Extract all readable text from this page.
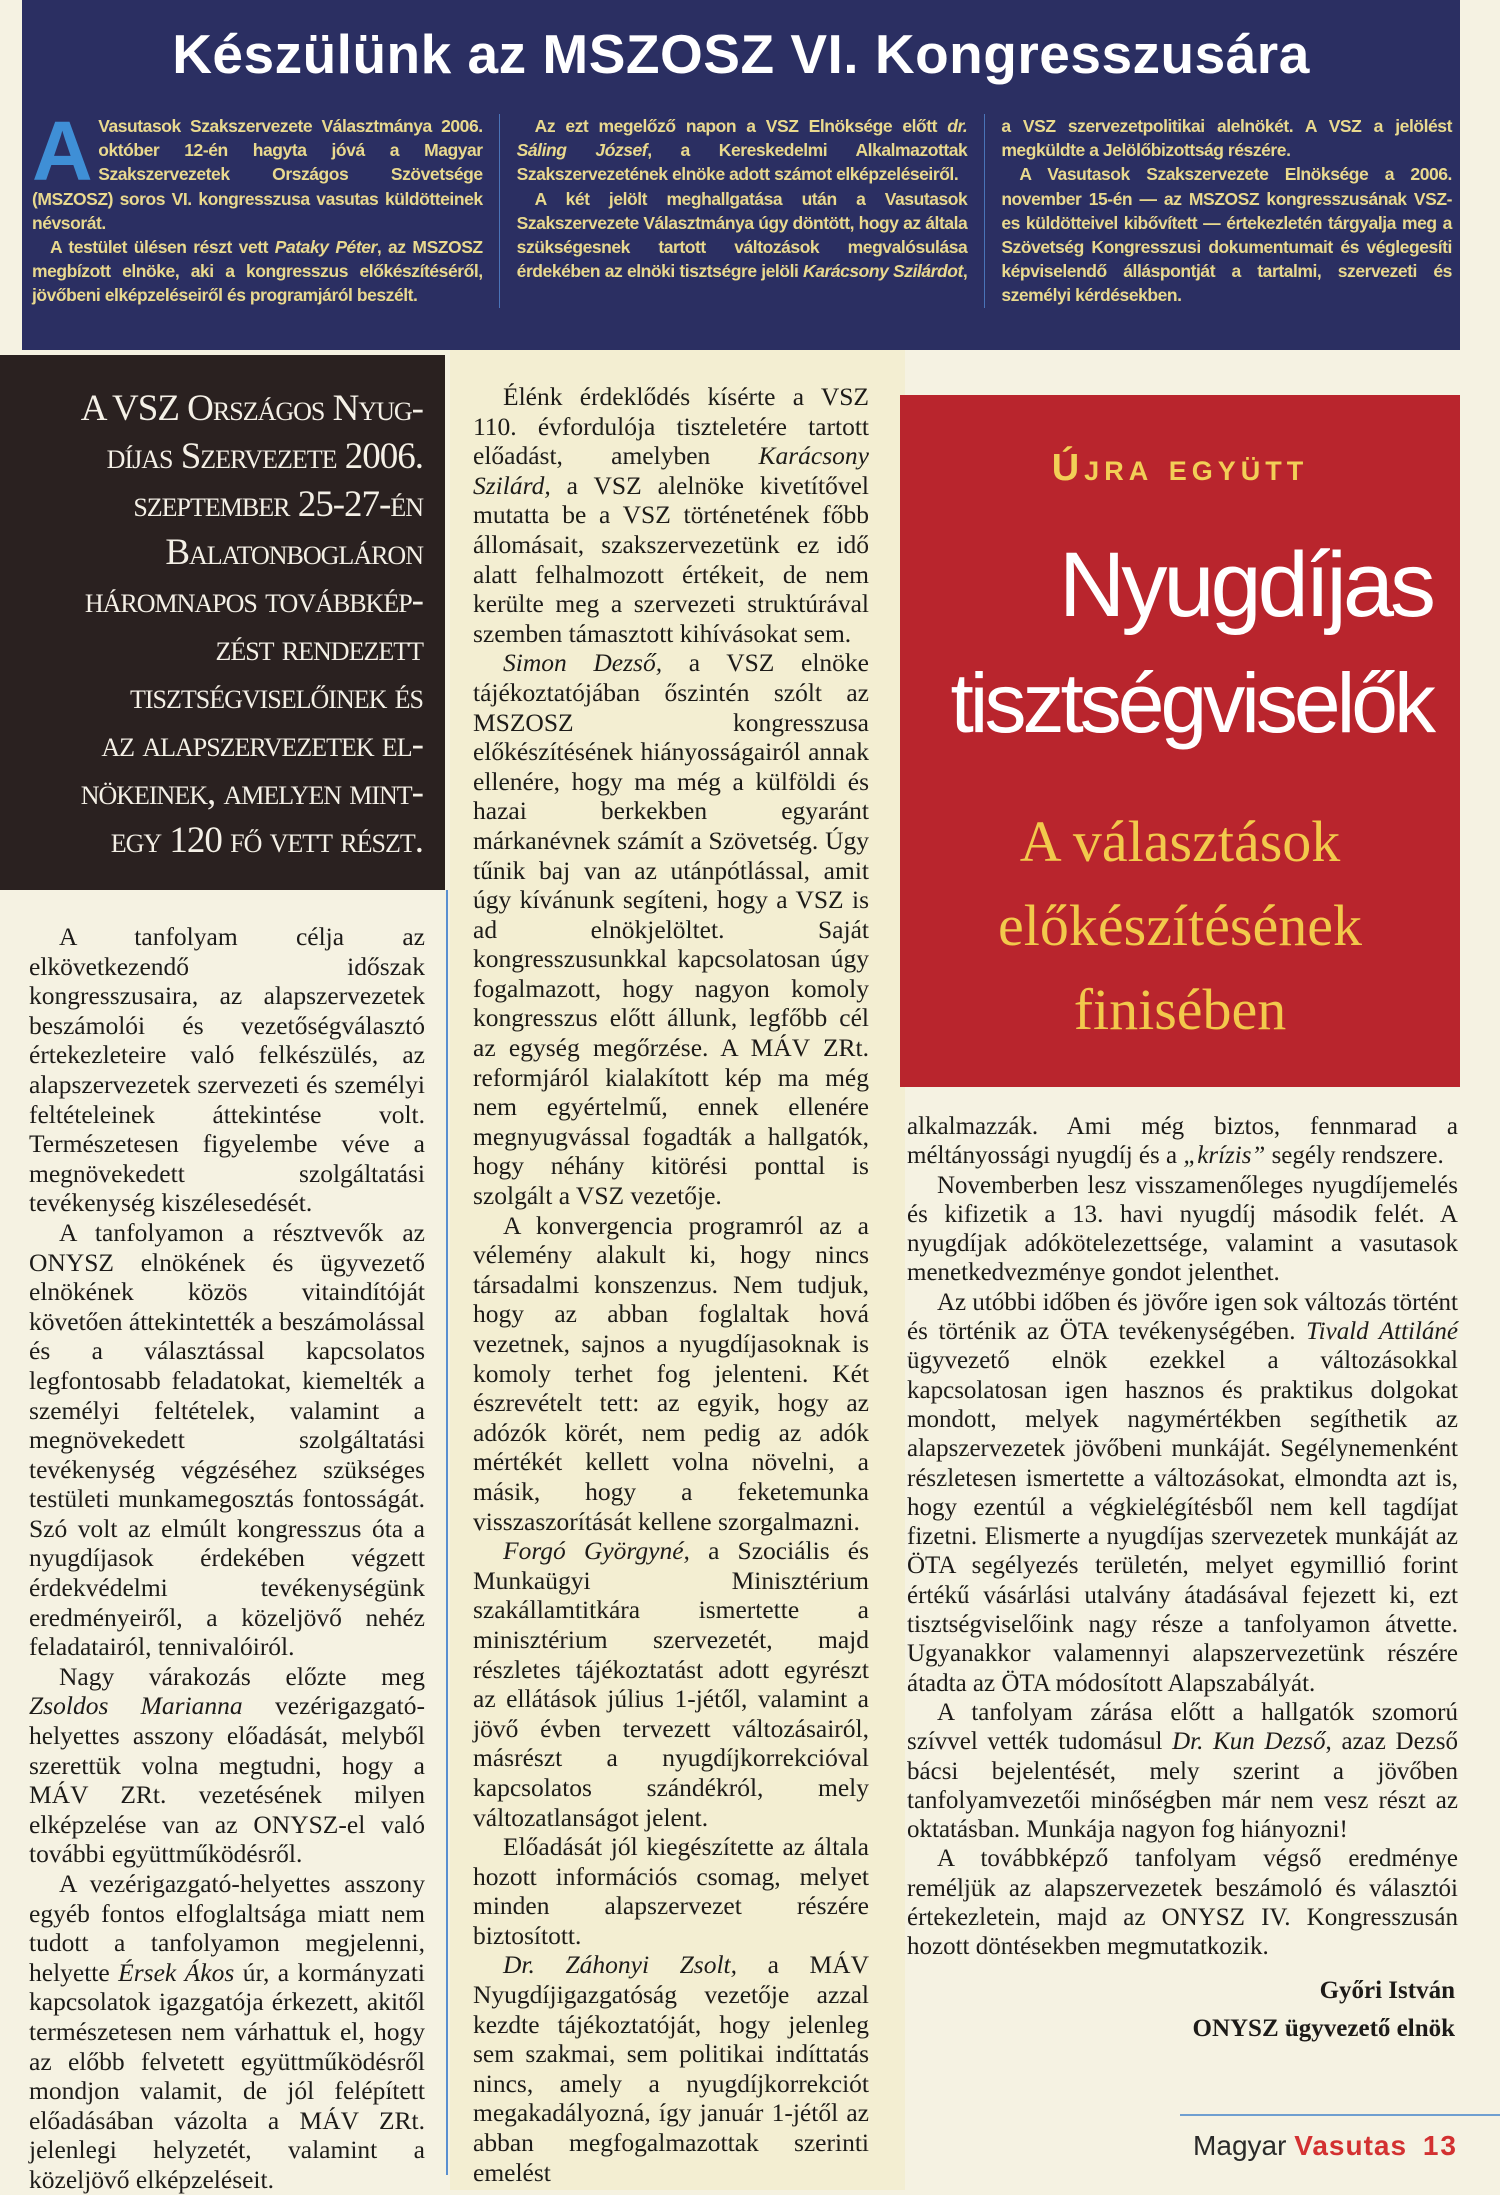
Készülünk az MSZOSZ VI. Kongresszusára

A Vasutasok Szakszervezete Választmánya 2006. október 12-én hagyta jóvá a Magyar Szakszervezetek Országos Szövetsége (MSZOSZ) soros VI. kongresszusa vasutas küldötteinek névsorát.

A testület ülésen részt vett Pataky Péter, az MSZOSZ megbízott elnöke, aki a kongresszus előkészítéséről, jövőbeni elképzeléseiről és programjáról beszélt.

Az ezt megelőző napon a VSZ Elnöksége előtt dr. Sáling József, a Kereskedelmi Alkalmazottak Szakszervezetének elnöke adott számot elképzeléseiről.

A két jelölt meghallgatása után a Vasutasok Szakszervezete Választmánya úgy döntött, hogy az általa szükségesnek tartott változások megvalósulása érdekében az elnöki tisztségre jelöli Karácsony Szilárdot, a VSZ szervezetpolitikai alelnökét. A VSZ a jelölést megküldte a Jelölőbizottság részére.

A Vasutasok Szakszervezete Elnöksége a 2006. november 15-én — az MSZOSZ kongresszusának VSZ-es küldötteivel kibővített — értekezletén tárgyalja meg a Szövetség Kongresszusi dokumentumait és véglegesíti képviselendő álláspontját a tartalmi, szervezeti és személyi kérdésekben.

A VSZ Országos Nyug-
díjas Szervezete 2006.
szeptember 25-27-én
Balatonbogláron
háromnapos továbbkép-
zést rendezett
tisztségviselőinek és
az alapszervezetek el-
nökeinek, amelyen mint-
egy 120 fő vett részt.

A tanfolyam célja az elkövetkezendő időszak kongresszusaira, az alapszervezetek beszámolói és vezetőségválasztó értekezleteire való felkészülés, az alapszervezetek szervezeti és személyi feltételeinek áttekintése volt. Természetesen figyelembe véve a megnövekedett szolgáltatási tevékenység kiszélesedését.

A tanfolyamon a résztvevők az ONYSZ elnökének és ügyvezető elnökének közös vitaindítóját követően áttekintették a beszámolással és a választással kapcsolatos legfontosabb feladatokat, kiemelték a személyi feltételek, valamint a megnövekedett szolgáltatási tevékenység végzéséhez szükséges testületi munkamegosztás fontosságát. Szó volt az elmúlt kongresszus óta a nyugdíjasok érdekében végzett érdekvédelmi tevékenységünk eredményeiről, a közeljövő nehéz feladatairól, tennivalóiról.

Nagy várakozás előzte meg Zsoldos Marianna vezérigazgató-helyettes asszony előadását, melyből szerettük volna megtudni, hogy a MÁV ZRt. vezetésének milyen elképzelése van az ONYSZ-el való további együttműködésről.

A vezérigazgató-helyettes asszony egyéb fontos elfoglaltsága miatt nem tudott a tanfolyamon megjelenni, helyette Érsek Ákos úr, a kormányzati kapcsolatok igazgatója érkezett, akitől természetesen nem várhattuk el, hogy az előbb felvetett együttműködésről mondjon valamit, de jól felépített előadásában vázolta a MÁV ZRt. jelenlegi helyzetét, valamint a közeljövő elképzeléseit.

Élénk érdeklődés kísérte a VSZ 110. évfordulója tiszteletére tartott előadást, amelyben Karácsony Szilárd, a VSZ alelnöke kivetítővel mutatta be a VSZ történetének főbb állomásait, szakszervezetünk ez idő alatt felhalmozott értékeit, de nem kerülte meg a szervezeti struktúrával szemben támasztott kihívásokat sem.

Simon Dezső, a VSZ elnöke tájékoztatójában őszintén szólt az MSZOSZ kongresszusa előkészítésének hiányosságairól annak ellenére, hogy ma még a külföldi és hazai berkekben egyaránt márkanévnek számít a Szövetség. Úgy tűnik baj van az utánpótlással, amit úgy kívánunk segíteni, hogy a VSZ is ad elnökjelöltet. Saját kongresszusunkkal kapcsolatosan úgy fogalmazott, hogy nagyon komoly kongresszus előtt állunk, legfőbb cél az egység megőrzése. A MÁV ZRt. reformjáról kialakított kép ma még nem egyértelmű, ennek ellenére megnyugvással fogadták a hallgatók, hogy néhány kitörési ponttal is szolgált a VSZ vezetője.

A konvergencia programról az a vélemény alakult ki, hogy nincs társadalmi konszenzus. Nem tudjuk, hogy az abban foglaltak hová vezetnek, sajnos a nyugdíjasoknak is komoly terhet fog jelenteni. Két észrevételt tett: az egyik, hogy az adózók körét, nem pedig az adók mértékét kellett volna növelni, a másik, hogy a feketemunka visszaszorítását kellene szorgalmazni.

Forgó Györgyné, a Szociális és Munkaügyi Minisztérium szakállamtitkára ismertette a minisztérium szervezetét, majd részletes tájékoztatást adott egyrészt az ellátások július 1-jétől, valamint a jövő évben tervezett változásairól, másrészt a nyugdíjkorrekcióval kapcsolatos szándékról, mely változatlanságot jelent.

Előadását jól kiegészítette az általa hozott információs csomag, melyet minden alapszervezet részére biztosított.

Dr. Záhonyi Zsolt, a MÁV Nyugdíjigazgatóság vezetője azzal kezdte tájékoztatóját, hogy jelenleg sem szakmai, sem politikai indíttatás nincs, amely a nyugdíjkorrekciót megakadályozná, így január 1-jétől az abban megfogalmazottak szerinti emelést

Újra együtt
Nyugdíjas
tisztségviselők
A választások előkészítésének finisében

alkalmazzák. Ami még biztos, fennmarad a méltányossági nyugdíj és a „krízis” segély rendszere.

Novemberben lesz visszamenőleges nyugdíjemelés és kifizetik a 13. havi nyugdíj második felét. A nyugdíjak adókötelezettsége, valamint a vasutasok menetkedvezménye gondot jelenthet.

Az utóbbi időben és jövőre igen sok változás történt és történik az ÖTA tevékenységében. Tivald Attiláné ügyvezető elnök ezekkel a változásokkal kapcsolatosan igen hasznos és praktikus dolgokat mondott, melyek nagymértékben segíthetik az alapszervezetek jövőbeni munkáját. Segélynemenként részletesen ismertette a változásokat, elmondta azt is, hogy ezentúl a végkielégítésből nem kell tagdíjat fizetni. Elismerte a nyugdíjas szervezetek munkáját az ÖTA segélyezés területén, melyet egymillió forint értékű vásárlási utalvány átadásával fejezett ki, ezt tisztségviselőink nagy része a tanfolyamon átvette. Ugyanakkor valamennyi alapszervezetünk részére átadta az ÖTA módosított Alapszabályát.

A tanfolyam zárása előtt a hallgatók szomorú szívvel vették tudomásul Dr. Kun Dezső, azaz Dezső bácsi bejelentését, mely szerint a jövőben tanfolyamvezetői minőségben már nem vesz részt az oktatásban. Munkája nagyon fog hiányozni!

A továbbképző tanfolyam végső eredménye reméljük az alapszervezetek beszámoló és választói értekezletein, majd az ONYSZ IV. Kongresszusán hozott döntésekben megmutatkozik.

Győri István
ONYSZ ügyvezető elnök
Magyar Vasutas 13
